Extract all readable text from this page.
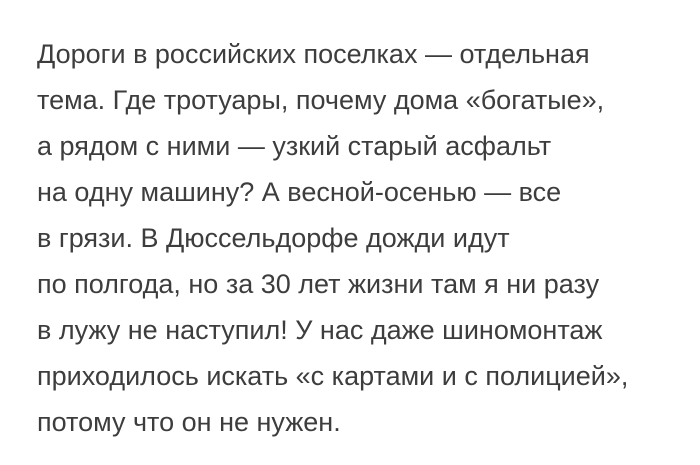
Дороги в российских поселках — отдельная
тема. Где тротуары, почему дома «богатые»,
а рядом с ними — узкий старый асфальт
на одну машину? А весной-осенью — все
в грязи. В Дюссельдорфе дожди идут
по полгода, но за 30 лет жизни там я ни разу
в лужу не наступил! У нас даже шиномонтаж
приходилось искать «с картами и с полицией»,
потому что он не нужен.
